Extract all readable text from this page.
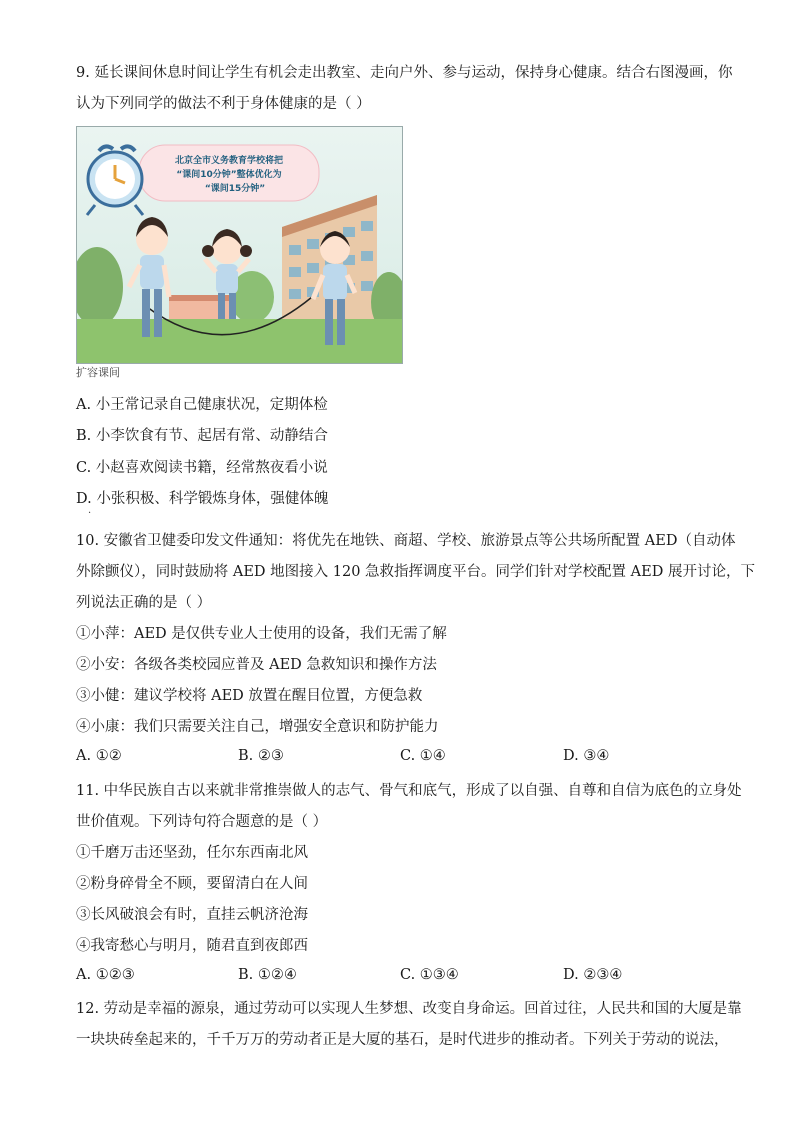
9. 延长课间休息时间让学生有机会走出教室、走向户外、参与运动，保持身心健康。结合右图漫画，你
认为下列同学的做法不利于身体健康的是（ ）
北京全市义务教育学校将把
“课间10分钟”整体优化为
“课间15分钟”
扩容课间
A. 小王常记录自己健康状况，定期体检
B. 小李饮食有节、起居有常、动静结合
C. 小赵喜欢阅读书籍，经常熬夜看小说
D. 小张积极、科学锻炼身体，强健体魄
·
10. 安徽省卫健委印发文件通知：将优先在地铁、商超、学校、旅游景点等公共场所配置 AED（自动体
外除颤仪），同时鼓励将 AED 地图接入 120 急救指挥调度平台。同学们针对学校配置 AED 展开讨论，下
列说法正确的是（ ）
①小萍：AED 是仅供专业人士使用的设备，我们无需了解
②小安：各级各类校园应普及 AED 急救知识和操作方法
③小健：建议学校将 AED 放置在醒目位置，方便急救
④小康：我们只需要关注自己，增强安全意识和防护能力
A. ①②	B. ②③	C. ①④	D. ③④
11. 中华民族自古以来就非常推崇做人的志气、骨气和底气，形成了以自强、自尊和自信为底色的立身处
世价值观。下列诗句符合题意的是（ ）
①千磨万击还坚劲，任尔东西南北风
②粉身碎骨全不顾，要留清白在人间
③长风破浪会有时，直挂云帆济沧海
④我寄愁心与明月，随君直到夜郎西
A. ①②③	B. ①②④	C. ①③④	D. ②③④
12. 劳动是幸福的源泉，通过劳动可以实现人生梦想、改变自身命运。回首过往，人民共和国的大厦是靠
一块块砖垒起来的，千千万万的劳动者正是大厦的基石，是时代进步的推动者。下列关于劳动的说法，
